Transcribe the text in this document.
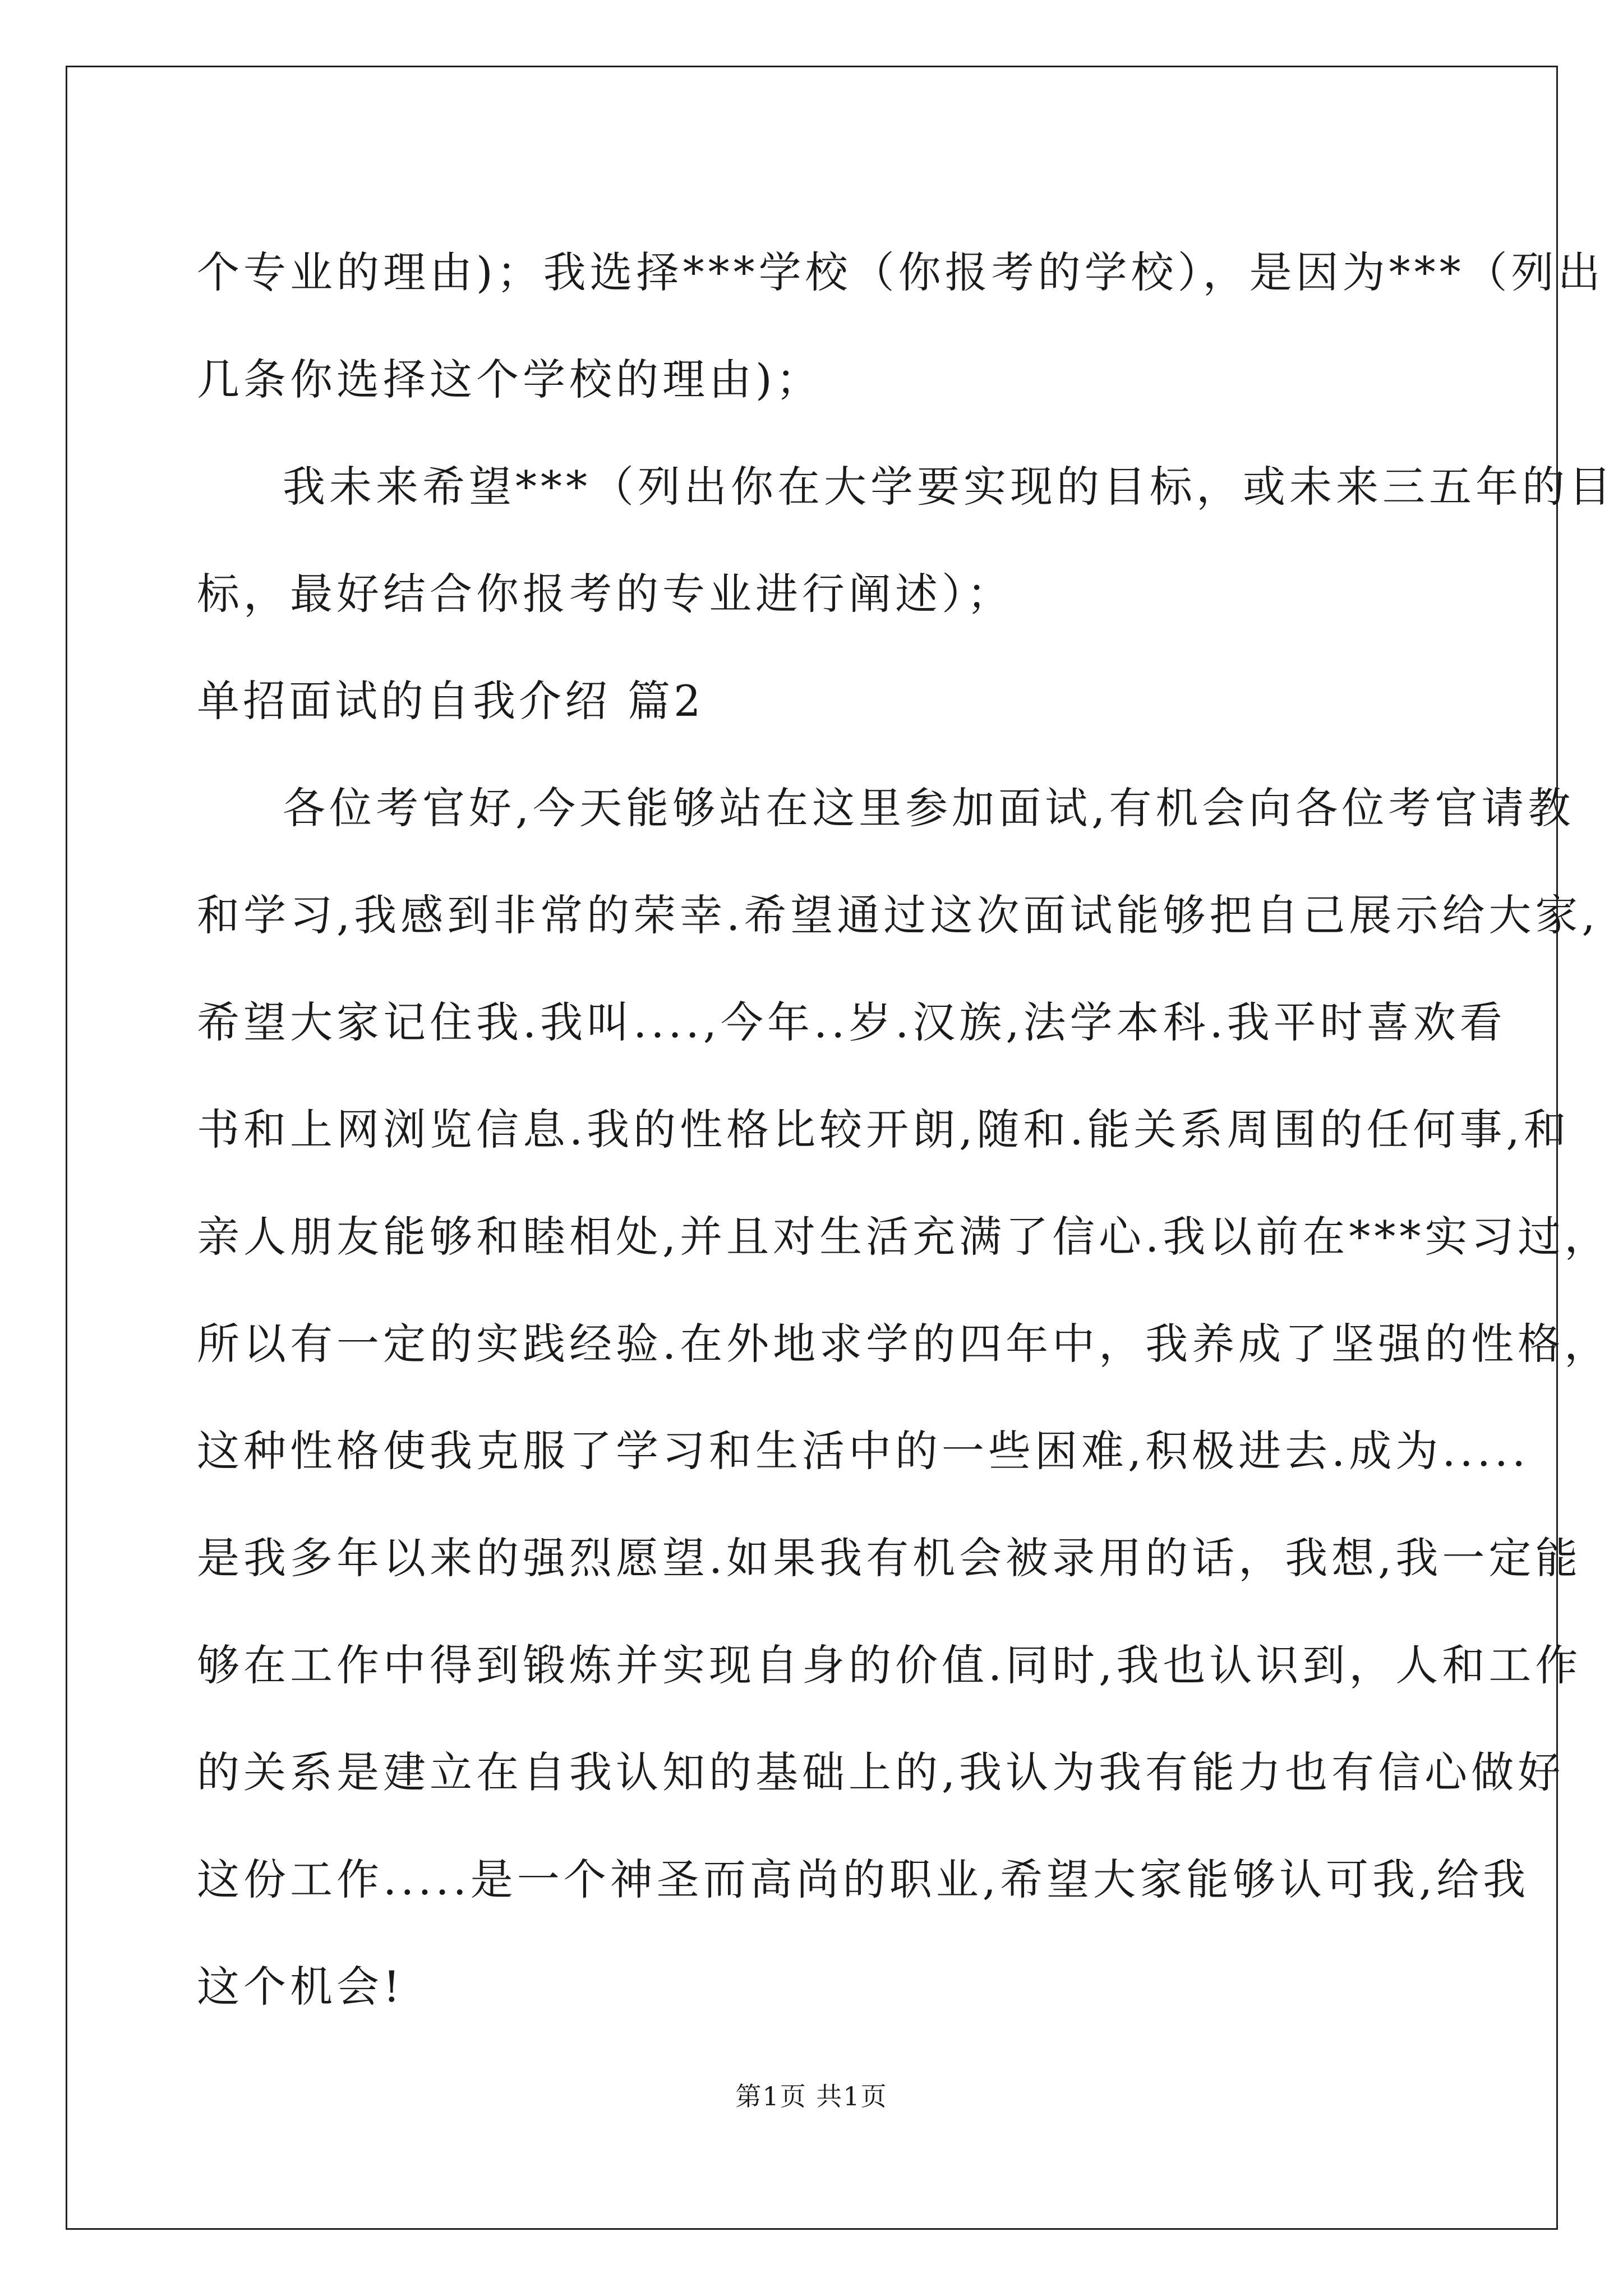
个专业的理由)；我选择***学校（你报考的学校），是因为***（列出
几条你选择这个学校的理由)；
我未来希望***（列出你在大学要实现的目标，或未来三五年的目
标，最好结合你报考的专业进行阐述）；
单招面试的自我介绍 篇2
各位考官好,今天能够站在这里参加面试,有机会向各位考官请教
和学习,我感到非常的荣幸.希望通过这次面试能够把自己展示给大家,
希望大家记住我.我叫....,今年..岁.汉族,法学本科.我平时喜欢看
书和上网浏览信息.我的性格比较开朗,随和.能关系周围的任何事,和
亲人朋友能够和睦相处,并且对生活充满了信心.我以前在***实习过，
所以有一定的实践经验.在外地求学的四年中，我养成了坚强的性格，
这种性格使我克服了学习和生活中的一些困难,积极进去.成为.....
是我多年以来的强烈愿望.如果我有机会被录用的话，我想,我一定能
够在工作中得到锻炼并实现自身的价值.同时,我也认识到，人和工作
的关系是建立在自我认知的基础上的,我认为我有能力也有信心做好
这份工作.....是一个神圣而高尚的职业,希望大家能够认可我,给我
这个机会!
第1页 共1页
